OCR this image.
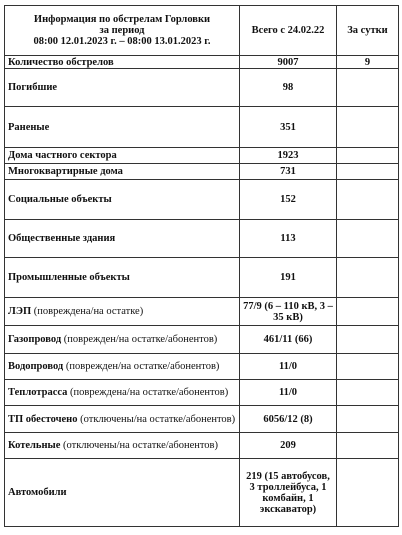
Информация по обстрелам Горловки
за период
08:00 12.01.2023 г. – 08:00 13.01.2023 г.	Всего с 24.02.22	За сутки
Количество обстрелов	9007	9
Погибшие	98	
Раненые	351	
Дома частного сектора	1923	
Многоквартирные дома	731	
Социальные объекты	152	
Общественные здания	113	
Промышленные объекты	191	
ЛЭП (повреждена/на остатке)	77/9 (6 – 110 кВ, 3 – 35 кВ)	
Газопровод (поврежден/на остатке/абонентов)	461/11 (66)	
Водопровод (поврежден/на остатке/абонентов)	11/0	
Теплотрасса (повреждена/на остатке/абонентов)	11/0	
ТП обесточено (отключены/на остатке/абонентов)	6056/12 (8)	
Котельные (отключены/на остатке/абонентов)	209	
Автомобили	219 (15 автобусов, 3 троллейбуса, 1 комбайн, 1 экскаватор)	
